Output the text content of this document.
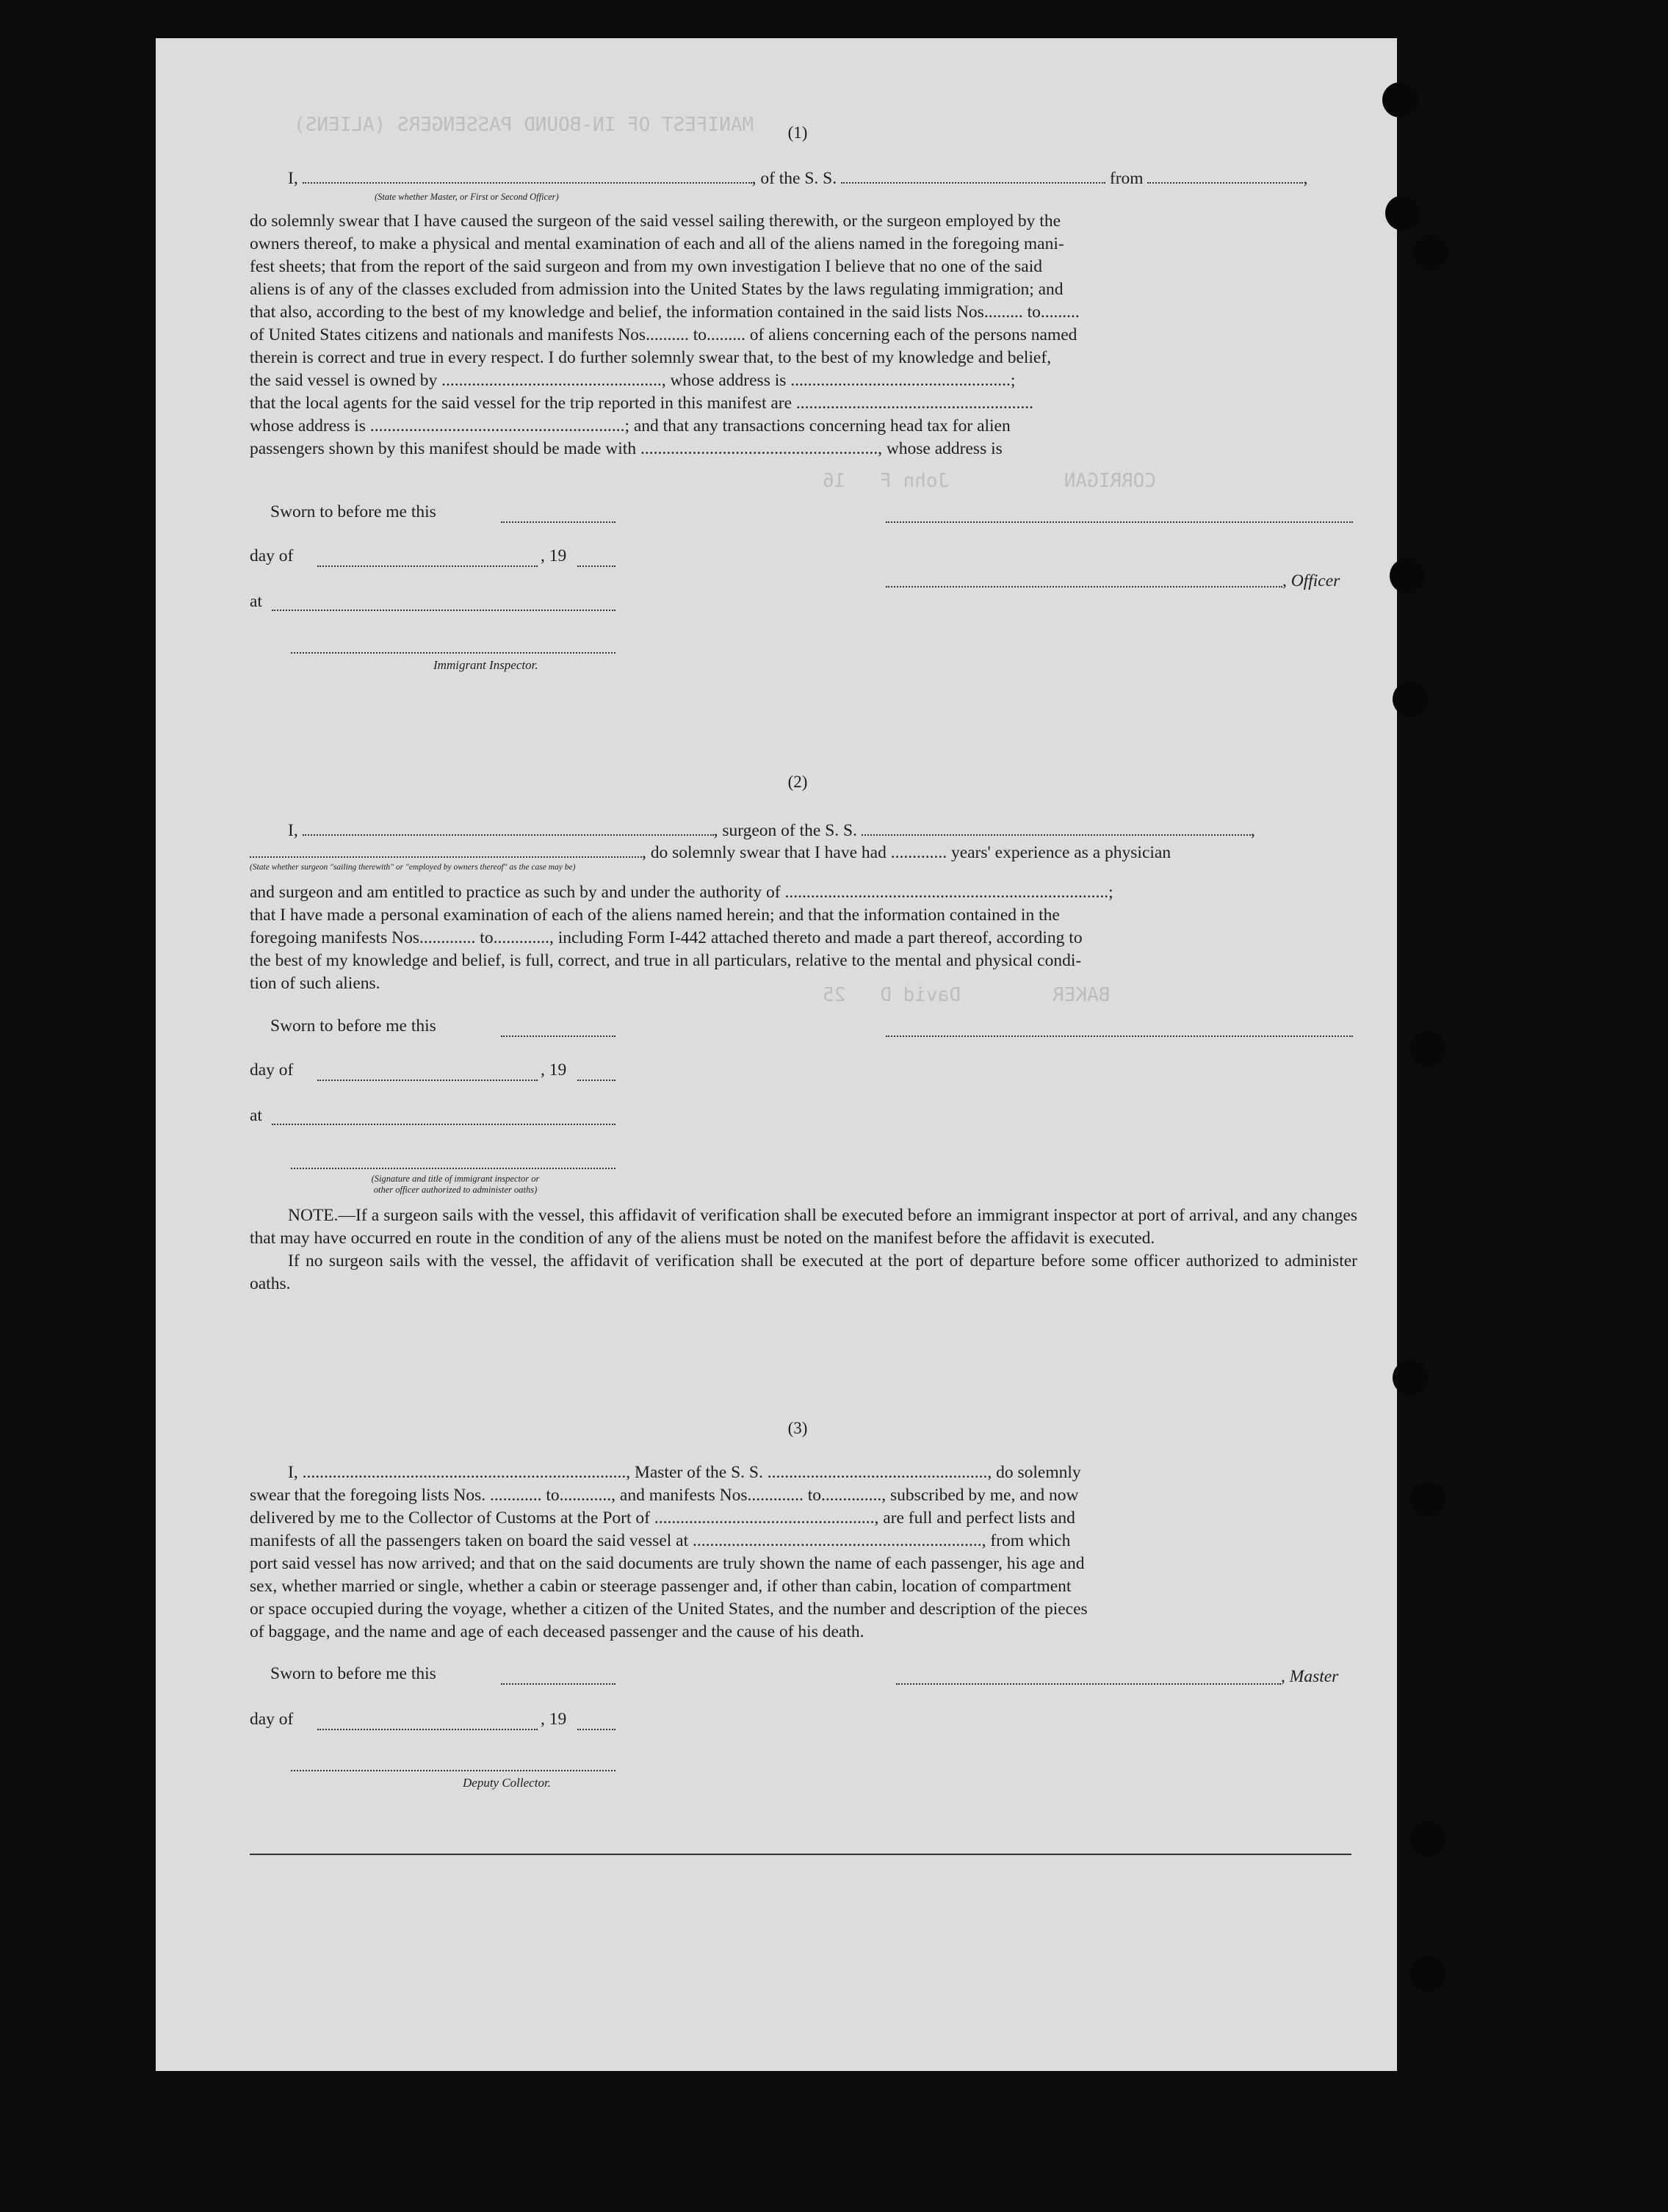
MANIFEST OF IN-BOUND PASSENGERS (ALIENS)
CORRIGAN          John F   16
BAKER        David D   25
(1)
I,	, of the S. S.	from	,
(State whether Master, or First or Second Officer)

do solemnly swear that I have caused the surgeon of the said vessel sailing therewith, or the surgeon employed by the

owners thereof, to make a physical and mental examination of each and all of the aliens named in the foregoing mani-

fest sheets; that from the report of the said surgeon and from my own investigation I believe that no one of the said

aliens is of any of the classes excluded from admission into the United States by the laws regulating immigration; and

that also, according to the best of my knowledge and belief, the information contained in the said lists Nos......... to.........

of United States citizens and nationals and manifests Nos.......... to......... of aliens concerning each of the persons named

therein is correct and true in every respect. I do further solemnly swear that, to the best of my knowledge and belief,

the said vessel is owned by ..................................................., whose address is ...................................................;

that the local agents for the said vessel for the trip reported in this manifest are .......................................................

whose address is ...........................................................; and that any transactions concerning head tax for alien

passengers shown by this manifest should be made with ......................................................., whose address is

Sworn to before me this
day of	, 19
, Officer
at
Immigrant Inspector.
(2)
I,	, surgeon of the S. S.	,
, do solemnly swear that I have had ............. years' experience as a physician
(State whether surgeon "sailing therewith" or "employed by owners thereof" as the case may be)

and surgeon and am entitled to practice as such by and under the authority of ...........................................................................;

that I have made a personal examination of each of the aliens named herein; and that the information contained in the

foregoing manifests Nos............. to............., including Form I-442 attached thereto and made a part thereof, according to

the best of my knowledge and belief, is full, correct, and true in all particulars, relative to the mental and physical condi-

tion of such aliens.

Sworn to before me this
day of	, 19
at
(Signature and title of immigrant inspector or
other officer authorized to administer oaths)

NOTE.—If a surgeon sails with the vessel, this affidavit of verification shall be executed before an immigrant inspector at port of arrival, and any changes that may have occurred en route in the condition of any of the aliens must be noted on the manifest before the affidavit is executed.

If no surgeon sails with the vessel, the affidavit of verification shall be executed at the port of departure before some officer authorized to administer oaths.

(3)

I, ..........................................................................., Master of the S. S. ..................................................., do solemnly

swear that the foregoing lists Nos. ............ to............, and manifests Nos............. to.............., subscribed by me, and now

delivered by me to the Collector of Customs at the Port of ..................................................., are full and perfect lists and

manifests of all the passengers taken on board the said vessel at ..................................................................., from which

port said vessel has now arrived; and that on the said documents are truly shown the name of each passenger, his age and

sex, whether married or single, whether a cabin or steerage passenger and, if other than cabin, location of compartment

or space occupied during the voyage, whether a citizen of the United States, and the number and description of the pieces

of baggage, and the name and age of each deceased passenger and the cause of his death.

Sworn to before me this	, Master
day of	, 19
Deputy Collector.
